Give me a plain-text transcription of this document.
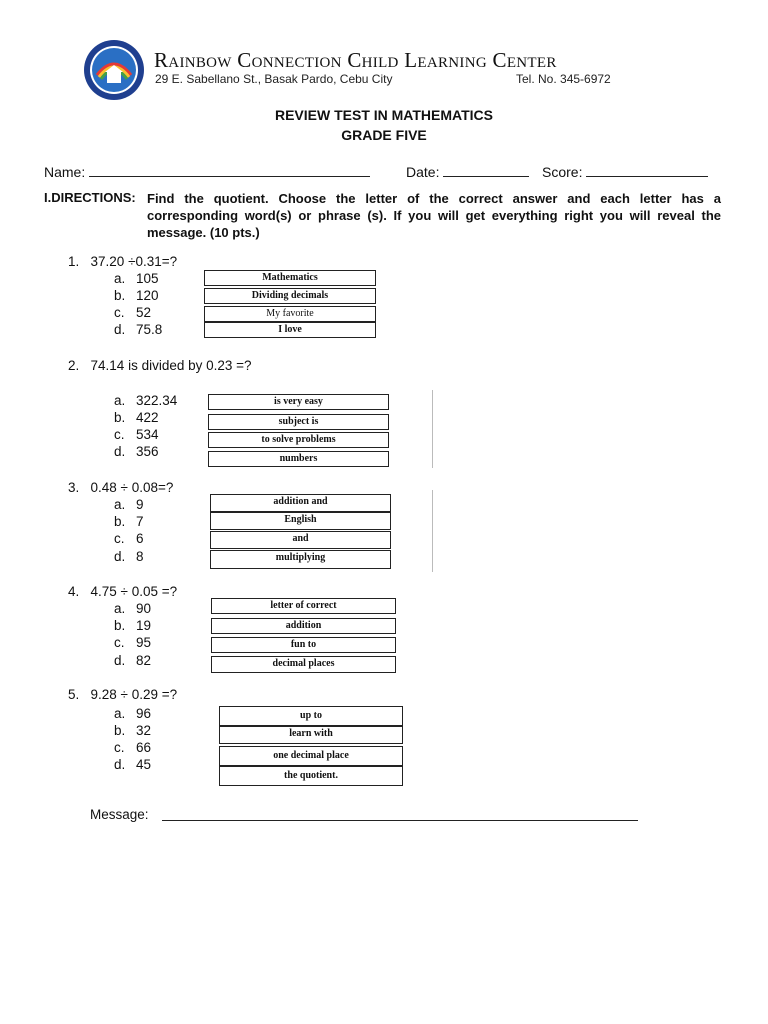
Rainbow Connection Child Learning Center
29 E. Sabellano St., Basak Pardo, Cebu City	Tel. No. 345-6972
REVIEW TEST IN MATHEMATICS
GRADE FIVE
Name:	Date:	Score:
I.DIRECTIONS: Find the quotient. Choose the letter of the correct answer and each letter has a corresponding word(s) or phrase (s). If you will get everything right you will reveal the message. (10 pts.)
1. 37.20 ÷0.31=?
a. 105
b. 120
c. 52
d. 75.8
Mathematics
Dividing decimals
My favorite
I love
2. 74.14 is divided by 0.23 =?
a. 322.34
b. 422
c. 534
d. 356
is very easy
subject is
to solve problems
numbers
3. 0.48 ÷ 0.08=?
a. 9
b. 7
c. 6
d. 8
addition and
English
and
multiplying
4. 4.75 ÷ 0.05 =?
a. 90
b. 19
c. 95
d. 82
letter of correct
addition
fun to
decimal places
5. 9.28 ÷ 0.29 =?
a. 96
b. 32
c. 66
d. 45
up to
learn with
one decimal place
the quotient.
Message:
